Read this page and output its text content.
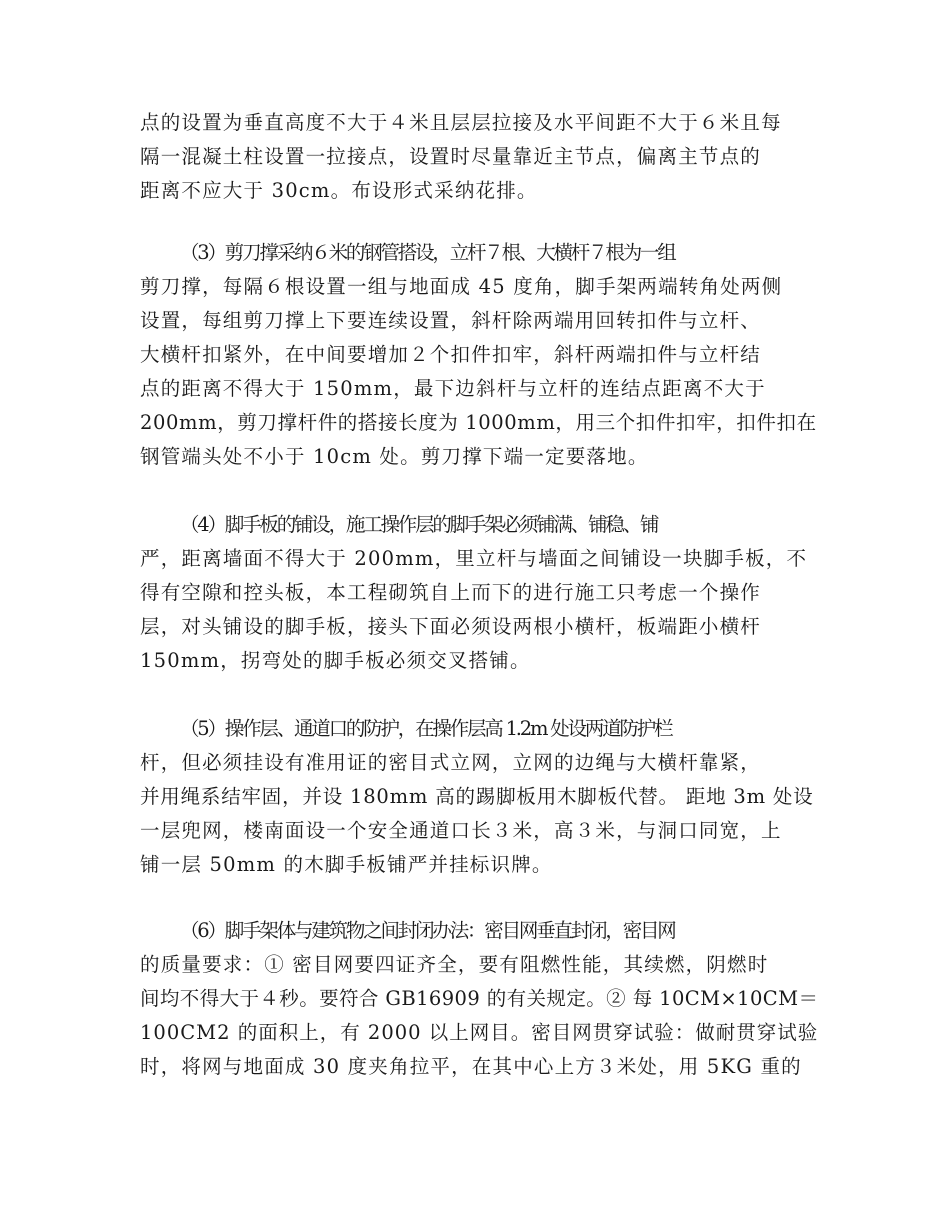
点的设置为垂直高度不大于４米且层层拉接及水平间距不大于６米且每
隔一混凝土柱设置一拉接点，设置时尽量靠近主节点，偏离主节点的
距离不应大于 30cm。布设形式采纳花排。
（3）剪刀撑采纳６米的钢管搭设，立杆７根、大横杆７根为一组
剪刀撑，每隔６根设置一组与地面成 45 度角，脚手架两端转角处两侧
设置，每组剪刀撑上下要连续设置，斜杆除两端用回转扣件与立杆、
大横杆扣紧外，在中间要增加２个扣件扣牢，斜杆两端扣件与立杆结
点的距离不得大于 150mm，最下边斜杆与立杆的连结点距离不大于
200mm，剪刀撑杆件的搭接长度为 1000mm，用三个扣件扣牢，扣件扣在
钢管端头处不小于 10cm 处。剪刀撑下端一定要落地。
（4）脚手板的铺设，施工操作层的脚手架必须铺满、铺稳、铺
严，距离墙面不得大于 200mm，里立杆与墙面之间铺设一块脚手板，不
得有空隙和控头板，本工程砌筑自上而下的进行施工只考虑一个操作
层，对头铺设的脚手板，接头下面必须设两根小横杆，板端距小横杆
150mm，拐弯处的脚手板必须交叉搭铺。
（5）操作层、通道口的防护，在操作层高 1.2m 处设两道防护栏
杆，但必须挂设有准用证的密目式立网，立网的边绳与大横杆靠紧，
并用绳系结牢固，并设 180mm 高的踢脚板用木脚板代替。 距地 3m 处设
一层兜网，楼南面设一个安全通道口长３米，高３米，与洞口同宽，上
铺一层 50mm 的木脚手板铺严并挂标识牌。
（6）脚手架体与建筑物之间封闭办法：密目网垂直封闭，密目网
的质量要求：① 密目网要四证齐全，要有阻燃性能，其续燃，阴燃时
间均不得大于４秒。要符合 GB16909 的有关规定。② 每 10CM×10CM＝
100CM2 的面积上，有 2000 以上网目。密目网贯穿试验：做耐贯穿试验
时，将网与地面成 30 度夹角拉平，在其中心上方３米处，用 5KG 重的
